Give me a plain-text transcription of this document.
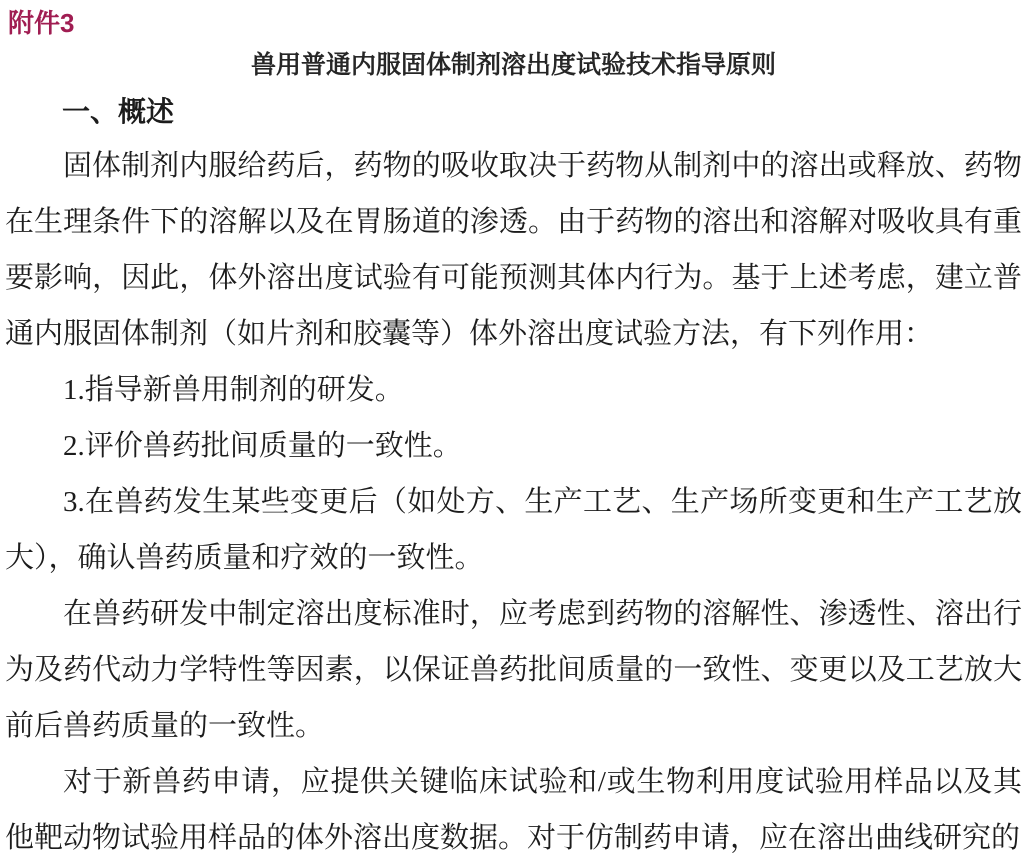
附件3
兽用普通内服固体制剂溶出度试验技术指导原则
一、概述

固体制剂内服给药后，药物的吸收取决于药物从制剂中的溶出或释放、药物在生理条件下的溶解以及在胃肠道的渗透。由于药物的溶出和溶解对吸收具有重要影响，因此，体外溶出度试验有可能预测其体内行为。基于上述考虑，建立普通内服固体制剂（如片剂和胶囊等）体外溶出度试验方法，有下列作用：

1.指导新兽用制剂的研发。

2.评价兽药批间质量的一致性。

3.在兽药发生某些变更后（如处方、生产工艺、生产场所变更和生产工艺放大），确认兽药质量和疗效的一致性。

在兽药研发中制定溶出度标准时，应考虑到药物的溶解性、渗透性、溶出行为及药代动力学特性等因素，以保证兽药批间质量的一致性、变更以及工艺放大前后兽药质量的一致性。

对于新兽药申请，应提供关键临床试验和/或生物利用度试验用样品以及其他靶动物试验用样品的体外溶出度数据。对于仿制药申请，应在溶出曲线研究的
